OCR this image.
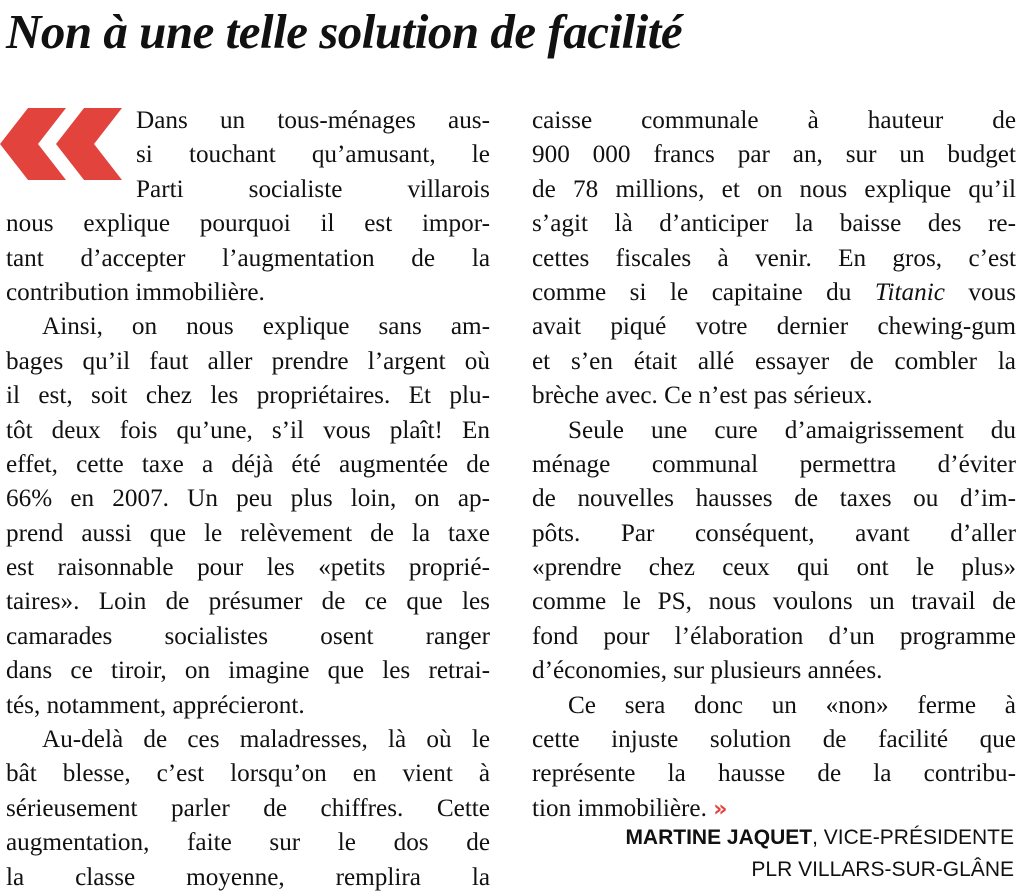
Non à une telle solution de facilité
Dans un tous-ménages aus-
si touchant qu’amusant, le
Parti socialiste villarois
nous explique pourquoi il est impor-
tant d’accepter l’augmentation de la
contribution immobilière.
Ainsi, on nous explique sans am-
bages qu’il faut aller prendre l’argent où
il est, soit chez les propriétaires. Et plu-
tôt deux fois qu’une, s’il vous plaît! En
effet, cette taxe a déjà été augmentée de
66% en 2007. Un peu plus loin, on ap-
prend aussi que le relèvement de la taxe
est raisonnable pour les «petits proprié-
taires». Loin de présumer de ce que les
camarades socialistes osent ranger
dans ce tiroir, on imagine que les retrai-
tés, notamment, apprécieront.
Au-delà de ces maladresses, là où le
bât blesse, c’est lorsqu’on en vient à
sérieusement parler de chiffres. Cette
augmentation, faite sur le dos de
la classe moyenne, remplira la
caisse communale à hauteur de
900 000 francs par an, sur un budget
de 78 millions, et on nous explique qu’il
s’agit là d’anticiper la baisse des re-
cettes fiscales à venir. En gros, c’est
comme si le capitaine du Titanic vous
avait piqué votre dernier chewing-gum
et s’en était allé essayer de combler la
brèche avec. Ce n’est pas sérieux.
Seule une cure d’amaigrissement du
ménage communal permettra d’éviter
de nouvelles hausses de taxes ou d’im-
pôts. Par conséquent, avant d’aller
«prendre chez ceux qui ont le plus»
comme le PS, nous voulons un travail de
fond pour l’élaboration d’un programme
d’économies, sur plusieurs années.
Ce sera donc un «non» ferme à
cette injuste solution de facilité que
représente la hausse de la contribu-
tion immobilière. »
MARTINE JAQUET, VICE-PRÉSIDENTE
PLR VILLARS-SUR-GLÂNE
